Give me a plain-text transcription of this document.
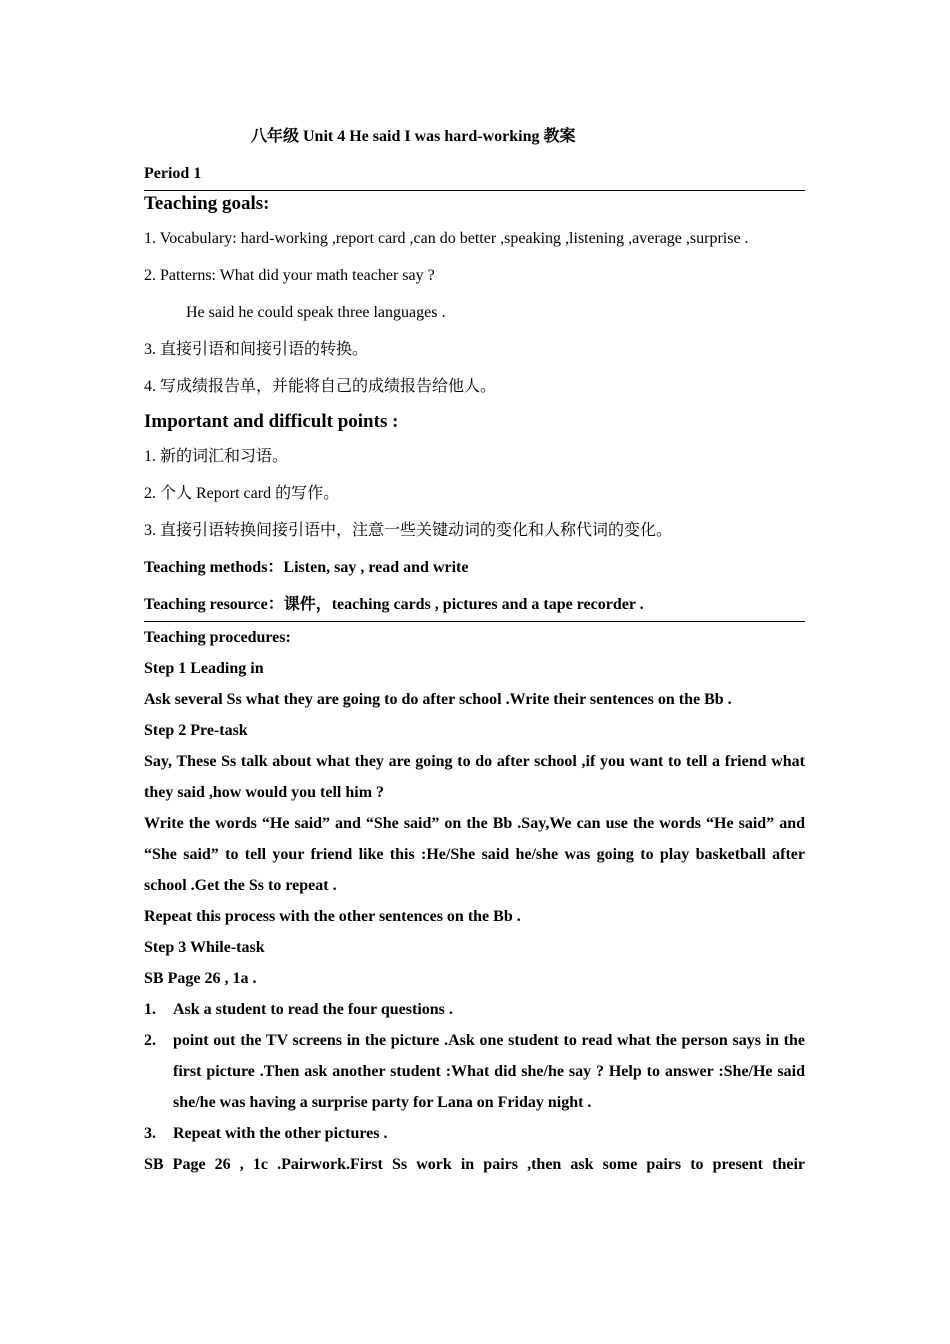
八年级 Unit 4 He said I was hard-working 教案
Period 1
Teaching goals:
1. Vocabulary: hard-working ,report card ,can do better ,speaking ,listening ,average ,surprise .
2. Patterns: What did your math teacher say ?
He said he could speak three languages .
3. 直接引语和间接引语的转换。
4. 写成绩报告单，并能将自己的成绩报告给他人。
Important and difficult points :
1. 新的词汇和习语。
2. 个人 Report card 的写作。
3. 直接引语转换间接引语中，注意一些关键动词的变化和人称代词的变化。
Teaching methods：Listen, say , read and write
Teaching resource：课件，teaching cards , pictures and a tape recorder .
Teaching procedures:
Step 1 Leading in
Ask several Ss what they are going to do after school .Write their sentences on the Bb .
Step 2 Pre-task
Say, These Ss talk about what they are going to do after school ,if you want to tell a friend what they said ,how would you tell him ?
Write the words “He said” and “She said” on the Bb .Say,We can use the words “He said” and “She said” to tell your friend like this :He/She said he/she was going to play basketball after school .Get the Ss to repeat .
Repeat this process with the other sentences on the Bb .
Step 3 While-task
SB Page 26 , 1a .
1.	Ask a student to read the four questions .
2.	point out the TV screens in the picture .Ask one student to read what the person says in the first picture .Then ask another student :What did she/he say ? Help to answer :She/He said she/he was having a surprise party for Lana on Friday night .
3.	Repeat with the other pictures .
SB Page 26 , 1c .Pairwork.First Ss work in pairs ,then ask some pairs to present their
